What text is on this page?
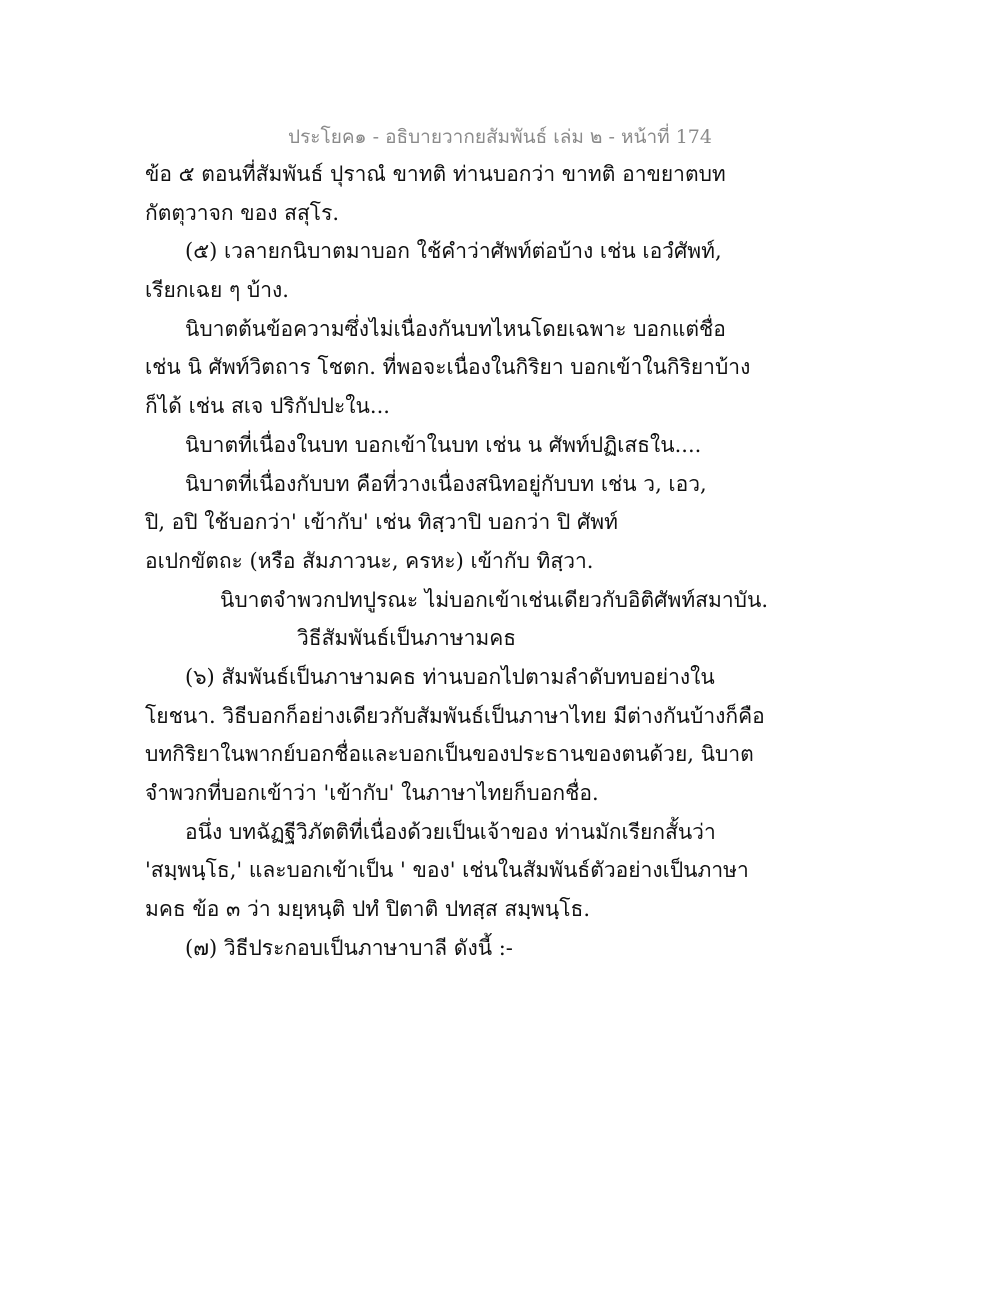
ประโยค๑ - อธิบายวากยสัมพันธ์ เล่ม ๒ - หน้าที่ 174
ข้อ ๕ ตอนที่สัมพันธ์ ปุราณํ ขาทติ ท่านบอกว่า ขาทติ อาขยาตบท
กัตตุวาจก ของ สสุโร.
(๕) เวลายกนิบาตมาบอก ใช้คำว่าศัพท์ต่อบ้าง เช่น เอวํศัพท์,
เรียกเฉย ๆ บ้าง.
นิบาตต้นข้อความซึ่งไม่เนื่องกันบทไหนโดยเฉพาะ บอกแต่ชื่อ
เช่น นิ ศัพท์วิตถาร โชตก. ที่พอจะเนื่องในกิริยา บอกเข้าในกิริยาบ้าง
ก็ได้ เช่น สเจ ปริกัปปะใน...
นิบาตที่เนื่องในบท บอกเข้าในบท เช่น น ศัพท์ปฏิเสธใน....
นิบาตที่เนื่องกับบท คือที่วางเนื่องสนิทอยู่กับบท เช่น ว, เอว,
ปิ, อปิ ใช้บอกว่า' เข้ากับ' เช่น ทิสฺวาปิ บอกว่า ปิ ศัพท์
อเปกขัตถะ (หรือ สัมภาวนะ, ครหะ) เข้ากับ ทิสฺวา.
นิบาตจำพวกปทปูรณะ ไม่บอกเข้าเช่นเดียวกับอิติศัพท์สมาบัน.
วิธีสัมพันธ์เป็นภาษามคธ
(๖) สัมพันธ์เป็นภาษามคธ ท่านบอกไปตามลำดับทบอย่างใน
โยชนา. วิธีบอกก็อย่างเดียวกับสัมพันธ์เป็นภาษาไทย มีต่างกันบ้างก็คือ
บทกิริยาในพากย์บอกชื่อและบอกเป็นของประธานของตนด้วย, นิบาต
จำพวกที่บอกเข้าว่า 'เข้ากับ' ในภาษาไทยก็บอกชื่อ.
อนึ่ง บทฉัฏฐีวิภัตติที่เนื่องด้วยเป็นเจ้าของ ท่านมักเรียกสั้นว่า
'สมฺพนฺโธ,' และบอกเข้าเป็น ' ของ' เช่นในสัมพันธ์ตัวอย่างเป็นภาษา
มคธ ข้อ ๓ ว่า มยฺหนฺติ ปทํ ปิตาติ ปทสฺส สมฺพนฺโธ.
(๗) วิธีประกอบเป็นภาษาบาลี ดังนี้ :-
